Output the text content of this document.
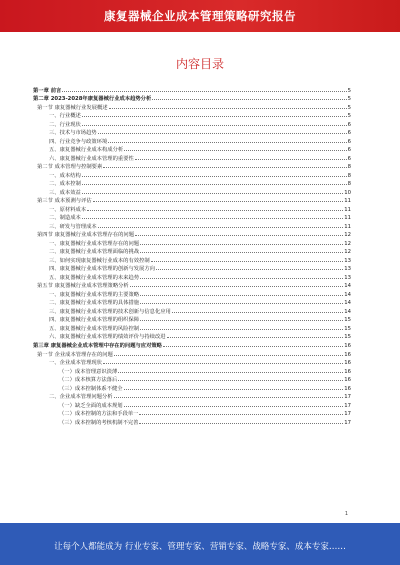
康复器械企业成本管理策略研究报告
内容目录
第一章 前言	5
第二章 2023-2028年康复器械行业成本趋势分析	5
第一节 康复器械行业发展概述	5
一、行业概述	5
二、行业现状	6
三、技术与市场趋势	6
四、行业竞争与政策环境	6
五、康复器械行业成本构成分析	6
六、康复器械行业成本管理的重要性	6
第二节 成本管理与控制要素	8
一、成本结构	8
二、成本控制	8
三、成本效益	10
第三节 成本预测与评估	11
一、原材料成本	11
二、制造成本	11
三、研发与管理成本	11
第四节 康复器械行业成本管理存在的问题	12
一、康复器械行业成本管理存在的问题	12
二、康复器械行业成本管理面临的挑战	12
三、如何实现康复器械行业成本的有效控制	13
四、康复器械行业成本管理的创新与发展方向	13
五、康复器械行业成本管理的未来趋势	13
第五节 康复器械行业成本管理策略分析	14
一、康复器械行业成本管理的主要策略	14
二、康复器械行业成本管理的具体措施	14
三、康复器械行业成本管理的技术创新与信息化应用	14
四、康复器械行业成本管理的组织保障	15
五、康复器械行业成本管理的风险控制	15
六、康复器械行业成本管理的绩效评价与持续改进	15
第三章 康复器械企业成本管理中存在的问题与应对策略	16
第一节 企业成本管理存在的问题	16
一、企业成本管理现状	16
（一）成本管理意识淡薄	16
（二）成本核算方法落后	16
（三）成本控制体系不健全	16
二、企业成本管理问题分析	17
（一）缺乏全面的成本规划	17
（二）成本控制的方法和手段单一	17
（三）成本控制的考核机制不完善	17
1
让每个人都能成为 行业专家、管理专家、营销专家、战略专家、成本专家……
